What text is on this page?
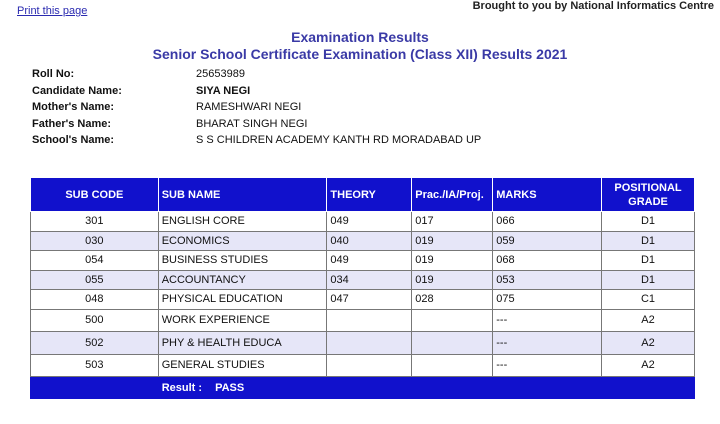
Print this page	Brought to you by National Informatics Centre
Examination Results
Senior School Certificate Examination (Class XII) Results 2021
Roll No:	25653989
Candidate Name:	SIYA NEGI
Mother's Name:	RAMESHWARI NEGI
Father's Name:	BHARAT SINGH NEGI
School's Name:	S S CHILDREN ACADEMY KANTH RD MORADABAD UP
SUB CODE	SUB NAME	THEORY	Prac./IA/Proj.	MARKS	POSITIONAL
GRADE
301	ENGLISH CORE	049	017	066	D1
030	ECONOMICS	040	019	059	D1
054	BUSINESS STUDIES	049	019	068	D1
055	ACCOUNTANCY	034	019	053	D1
048	PHYSICAL EDUCATION	047	028	075	C1
500	WORK EXPERIENCE			---	A2
502	PHY & HEALTH EDUCA			---	A2
503	GENERAL STUDIES			---	A2
	Result : PASS				
